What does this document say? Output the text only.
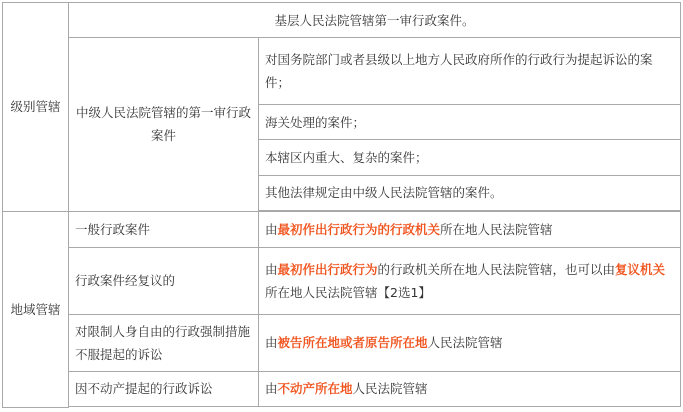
级别管辖	基层人民法院管辖第一审行政案件。	
	中级人民法院管辖的第一审行政案件	对国务院部门或者县级以上地方人民政府所作的行政行为提起诉讼的案件；
		海关处理的案件；
		本辖区内重大、复杂的案件；
		其他法律规定由中级人民法院管辖的案件。

地域管辖	一般行政案件	由最初作出行政行为的行政机关所在地人民法院管辖
	行政案件经复议的	由最初作出行政行为的行政机关所在地人民法院管辖，也可以由复议机关所在地人民法院管辖【2选1】
	对限制人身自由的行政强制措施不服提起的诉讼	由被告所在地或者原告所在地人民法院管辖
	因不动产提起的行政诉讼	由不动产所在地人民法院管辖
